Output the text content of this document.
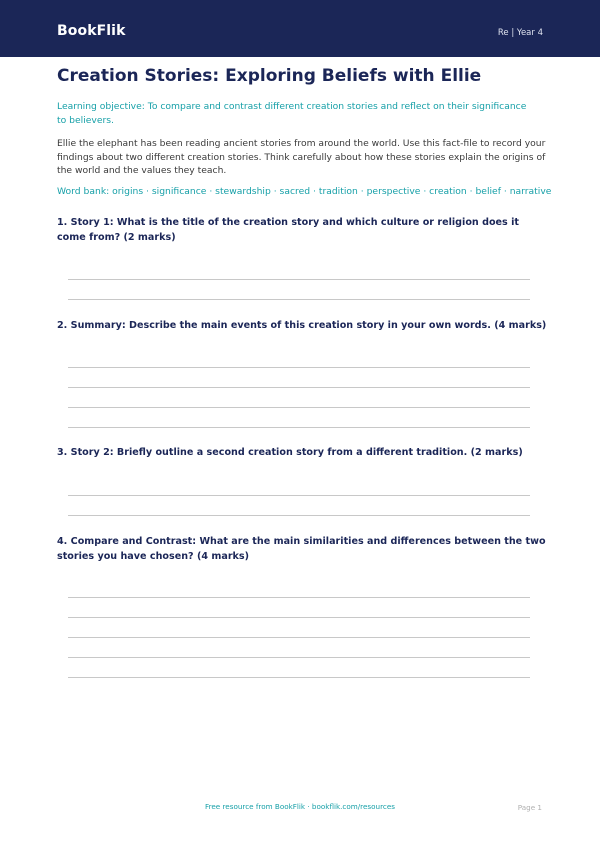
BookFlik	Re | Year 4
Creation Stories: Exploring Beliefs with Ellie
Learning objective: To compare and contrast different creation stories and reflect on their significance to believers.
Ellie the elephant has been reading ancient stories from around the world. Use this fact-file to record your findings about two different creation stories. Think carefully about how these stories explain the origins of the world and the values they teach.
Word bank: origins · significance · stewardship · sacred · tradition · perspective · creation · belief · narrative
1. Story 1: What is the title of the creation story and which culture or religion does it come from? (2 marks)
2. Summary: Describe the main events of this creation story in your own words. (4 marks)
3. Story 2: Briefly outline a second creation story from a different tradition. (2 marks)
4. Compare and Contrast: What are the main similarities and differences between the two stories you have chosen? (4 marks)
Free resource from BookFlik · bookflik.com/resources	Page 1
